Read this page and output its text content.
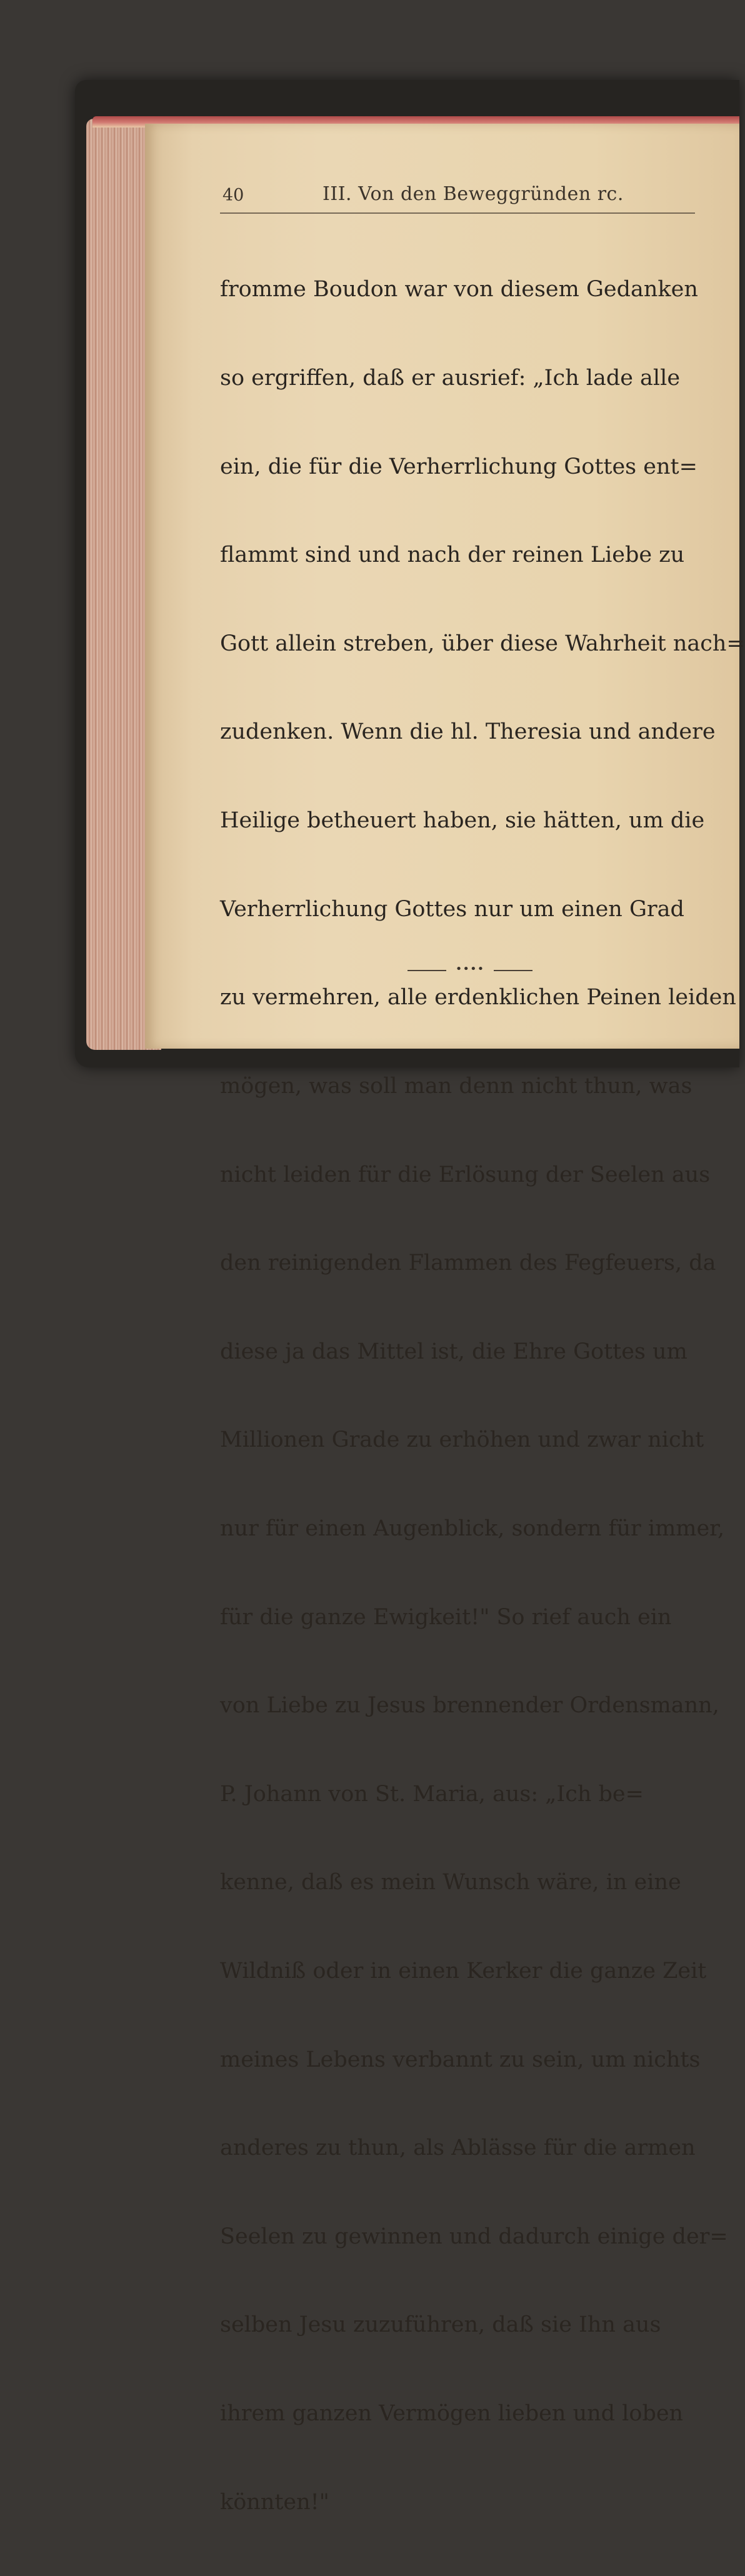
40	III. Von den Beweggründen rc.

fromme Boudon war von diesem Gedanken

so ergriffen, daß er ausrief: „Ich lade alle

ein, die für die Verherrlichung Gottes ent=

flammt sind und nach der reinen Liebe zu

Gott allein streben, über diese Wahrheit nach=

zudenken. Wenn die hl. Theresia und andere

Heilige betheuert haben, sie hätten, um die

Verherrlichung Gottes nur um einen Grad

zu vermehren, alle erdenklichen Peinen leiden

mögen, was soll man denn nicht thun, was

nicht leiden für die Erlösung der Seelen aus

den reinigenden Flammen des Fegfeuers, da

diese ja das Mittel ist, die Ehre Gottes um

Millionen Grade zu erhöhen und zwar nicht

nur für einen Augenblick, sondern für immer,

für die ganze Ewigkeit!" So rief auch ein

von Liebe zu Jesus brennender Ordensmann,

P. Johann von St. Maria, aus: „Ich be=

kenne, daß es mein Wunsch wäre, in eine

Wildniß oder in einen Kerker die ganze Zeit

meines Lebens verbannt zu sein, um nichts

anderes zu thun, als Ablässe für die armen

Seelen zu gewinnen und dadurch einige der=

selben Jesu zuzuführen, daß sie Ihn aus

ihrem ganzen Vermögen lieben und loben

könnten!"

••••
